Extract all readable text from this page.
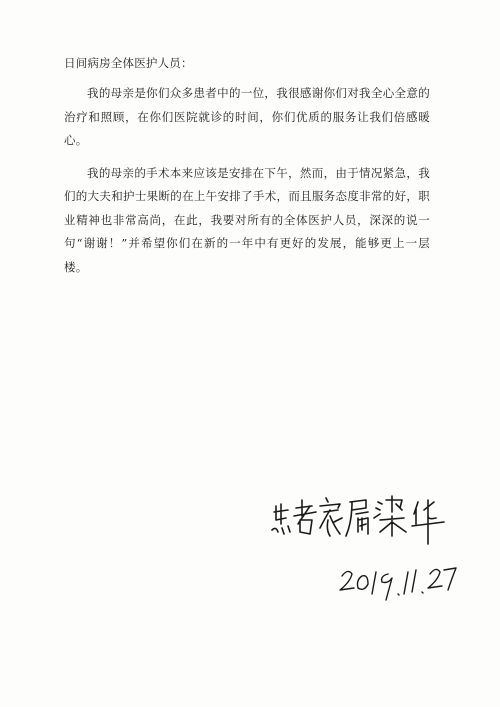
日间病房全体医护人员：

我的母亲是你们众多患者中的一位，我很感谢你们对我全心全意的治疗和照顾，在你们医院就诊的时间，你们优质的服务让我们倍感暖心。

我的母亲的手术本来应该是安排在下午，然而，由于情况紧急，我们的大夫和护士果断的在上午安排了手术，而且服务态度非常的好，职业精神也非常高尚，在此，我要对所有的全体医护人员，深深的说一句“谢谢！”并希望你们在新的一年中有更好的发展，能够更上一层楼。
